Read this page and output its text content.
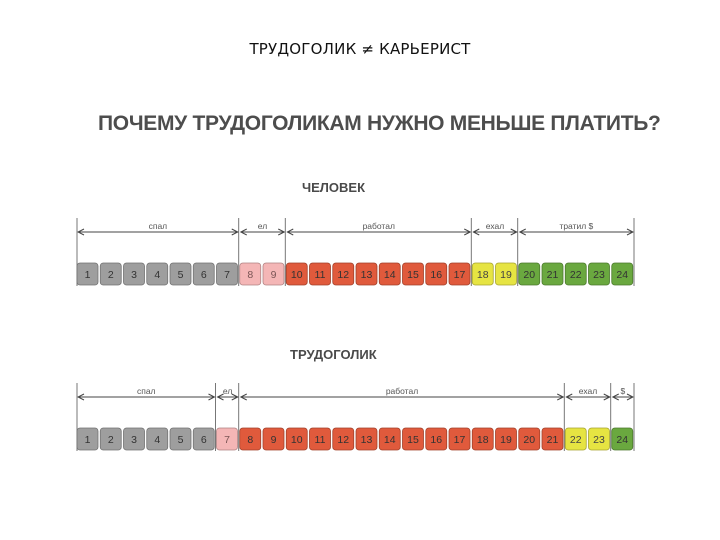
ТРУДОГОЛИК ≠ КАРЬЕРИСТ
ПОЧЕМУ ТРУДОГОЛИКАМ НУЖНО МЕНЬШЕ ПЛАТИТЬ?
ЧЕЛОВЕК
ТРУДОГОЛИК
спал	ел	работал	ехал	тратил $
1 2 3 4 5 6 7 8 9 10 11 12 13 14 15 16 17 18 19 20 21 22 23 24
спал	ел	работал	ехал	$
1 2 3 4 5 6 7 8 9 10 11 12 13 14 15 16 17 18 19 20 21 22 23 24
